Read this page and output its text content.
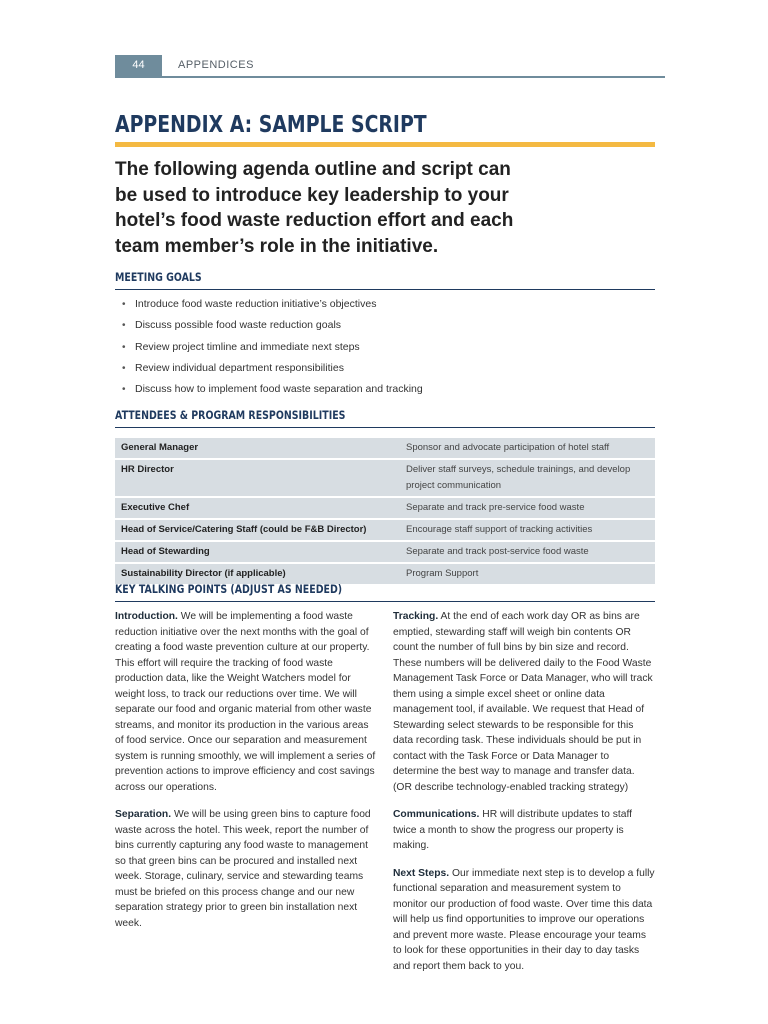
44	APPENDICES
APPENDIX A: SAMPLE SCRIPT

The following agenda outline and script can be used to introduce key leadership to your hotel’s food waste reduction effort and each team member’s role in the initiative.

MEETING GOALS
• Introduce food waste reduction initiative’s objectives
• Discuss possible food waste reduction goals
• Review project timline and immediate next steps
• Review individual department responsibilities
• Discuss how to implement food waste separation and tracking
ATTENDEES & PROGRAM RESPONSIBILITIES
General Manager	Sponsor and advocate participation of hotel staff
HR Director	Deliver staff surveys, schedule trainings, and develop project communication
Executive Chef	Separate and track pre-service food waste
Head of Service/Catering Staff (could be F&B Director)	Encourage staff support of tracking activities
Head of Stewarding	Separate and track post-service food waste
Sustainability Director (if applicable)	Program Support
KEY TALKING POINTS (ADJUST AS NEEDED)

Introduction. We will be implementing a food waste reduction initiative over the next months with the goal of creating a food waste prevention culture at our property. This effort will require the tracking of food waste production data, like the Weight Watchers model for weight loss, to track our reductions over time. We will separate our food and organic material from other waste streams, and monitor its production in the various areas of food service. Once our separation and measurement system is running smoothly, we will implement a series of prevention actions to improve efficiency and cost savings across our operations.

Separation. We will be using green bins to capture food waste across the hotel. This week, report the number of bins currently capturing any food waste to management so that green bins can be procured and installed next week. Storage, culinary, service and stewarding teams must be briefed on this process change and our new separation strategy prior to green bin installation next week.

Tracking. At the end of each work day OR as bins are emptied, stewarding staff will weigh bin contents OR count the number of full bins by bin size and record. These numbers will be delivered daily to the Food Waste Management Task Force or Data Manager, who will track them using a simple excel sheet or online data management tool, if available. We request that Head of Stewarding select stewards to be responsible for this data recording task. These individuals should be put in contact with the Task Force or Data Manager to determine the best way to manage and transfer data. (OR describe technology-enabled tracking strategy)

Communications. HR will distribute updates to staff twice a month to show the progress our property is making.

Next Steps. Our immediate next step is to develop a fully functional separation and measurement system to monitor our production of food waste. Over time this data will help us find opportunities to improve our operations and prevent more waste. Please encourage your teams to look for these opportunities in their day to day tasks and report them back to you.
